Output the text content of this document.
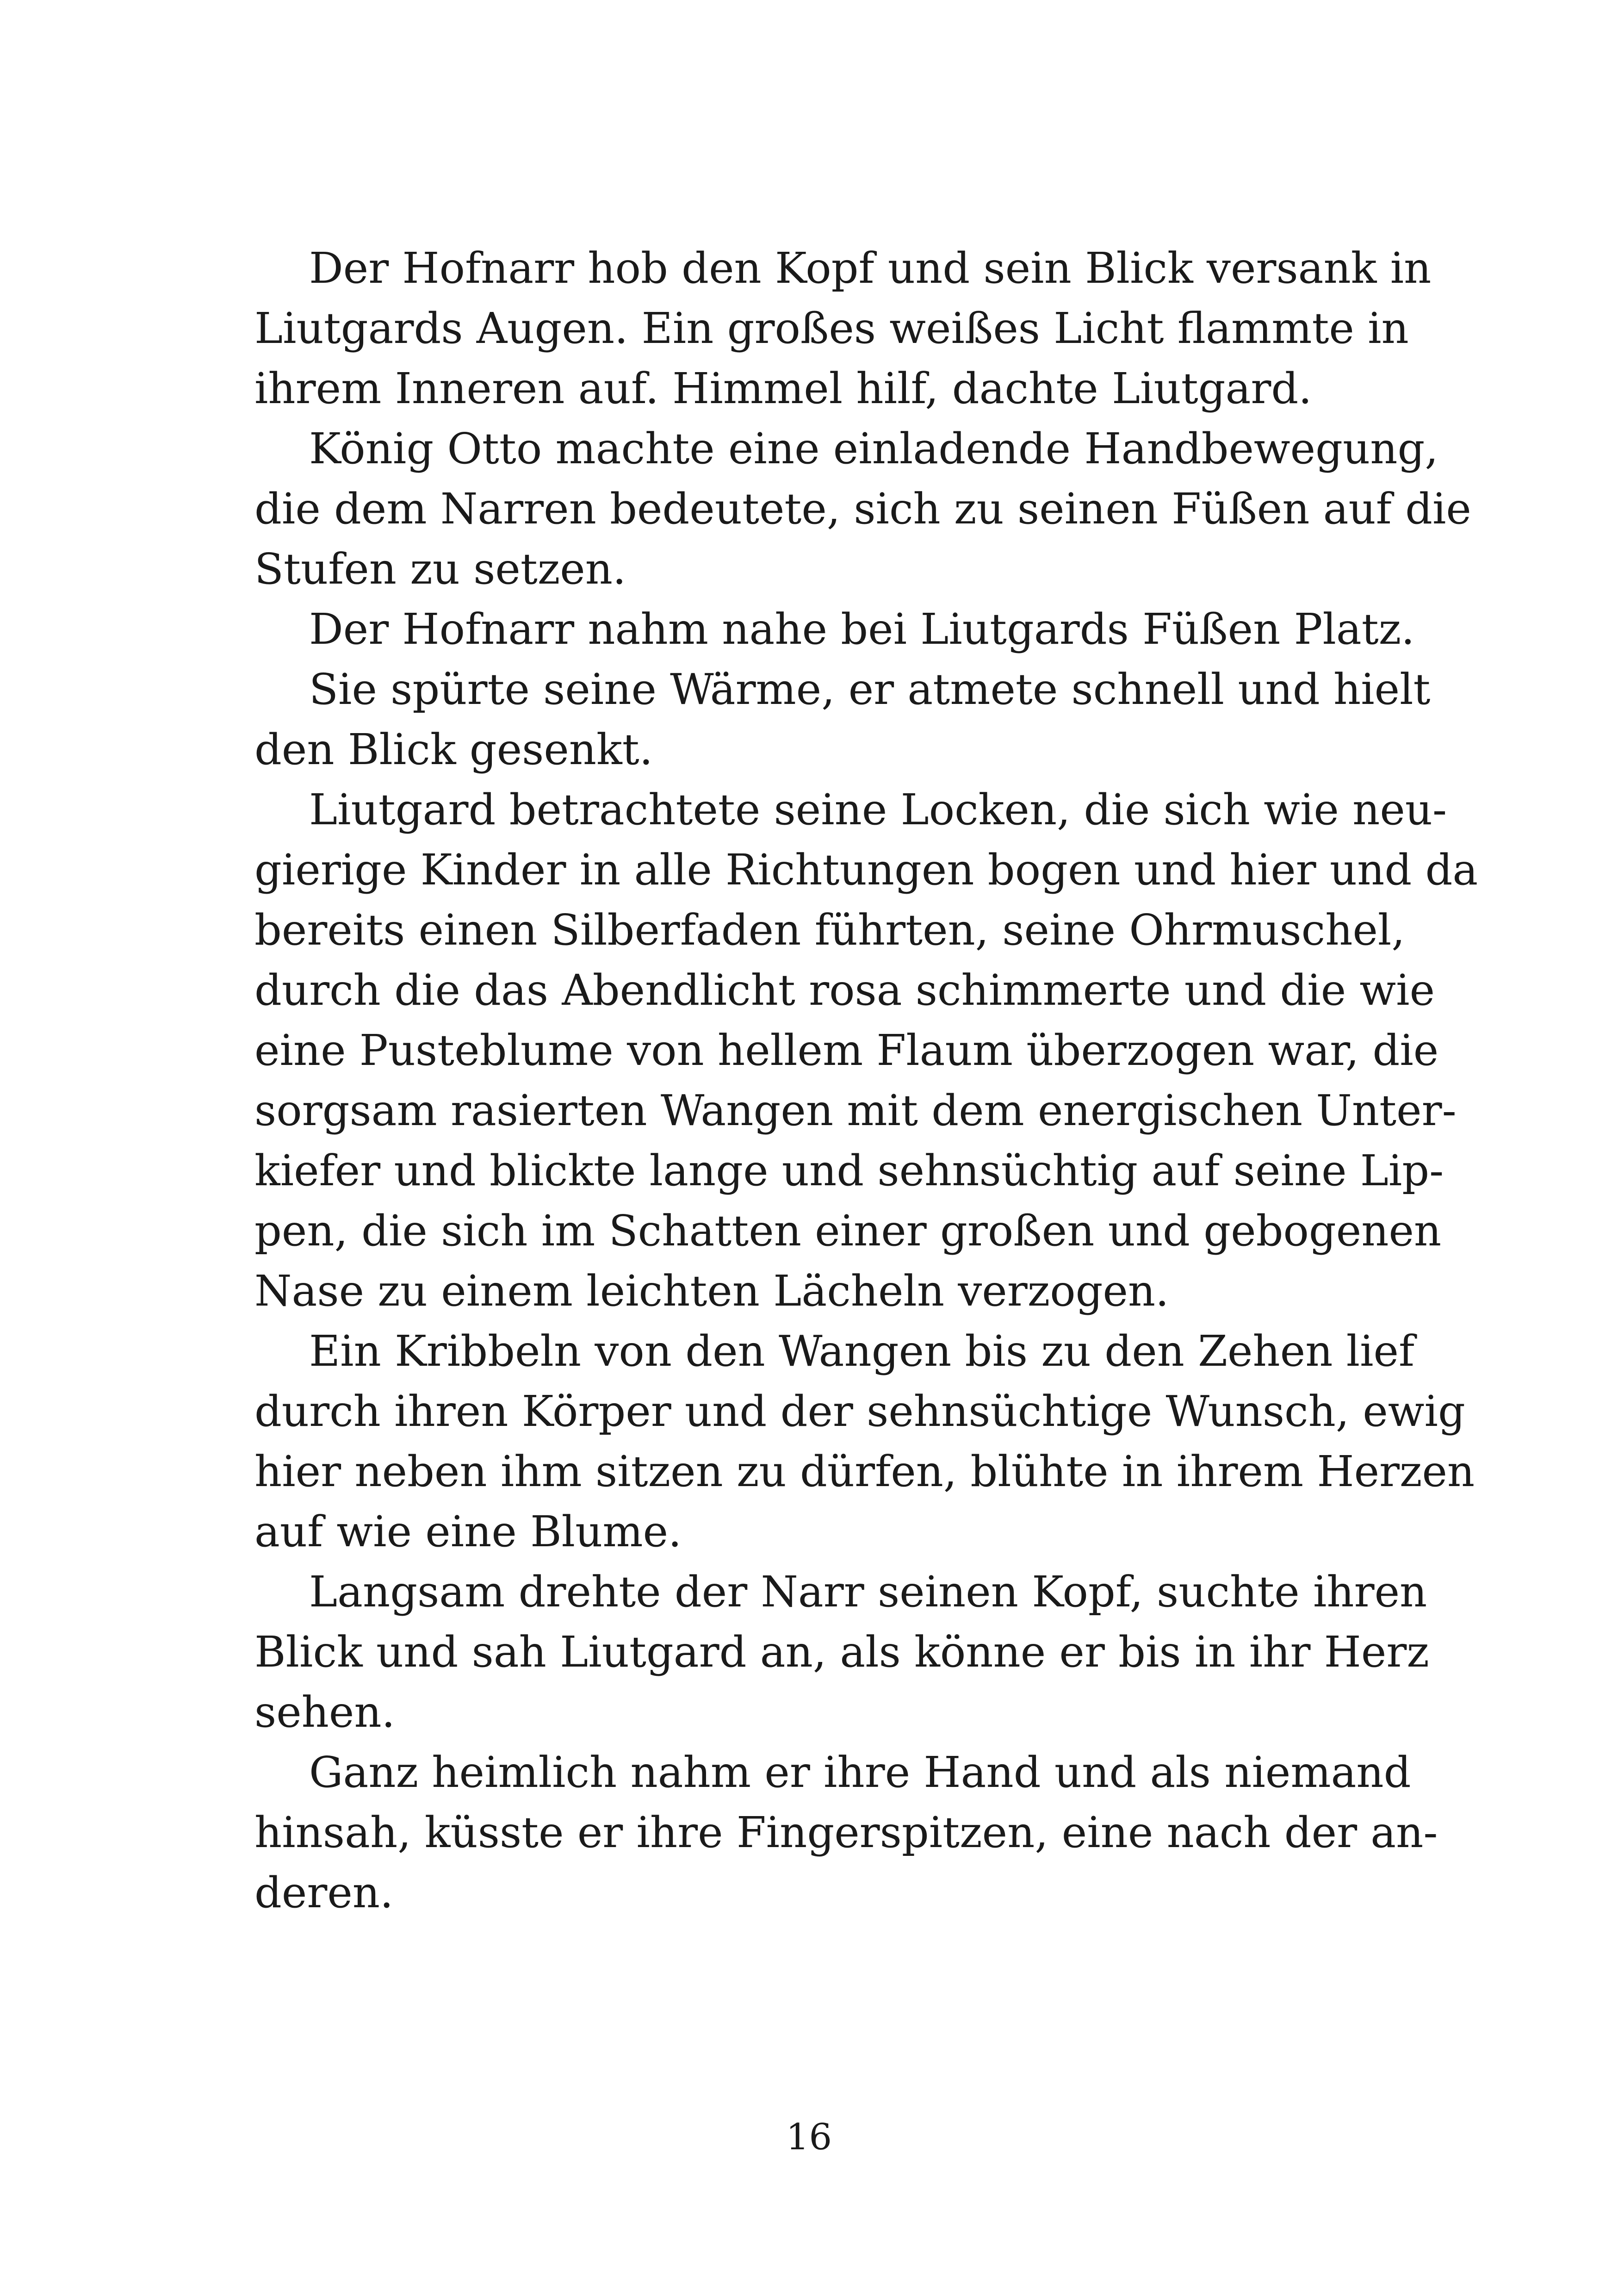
Der Hofnarr hob den Kopf und sein Blick versank in
Liutgards Augen. Ein großes weißes Licht flammte in
ihrem Inneren auf. Himmel hilf, dachte Liutgard.

König Otto machte eine einladende Handbewegung,
die dem Narren bedeutete, sich zu seinen Füßen auf die
Stufen zu setzen.

Der Hofnarr nahm nahe bei Liutgards Füßen Platz.

Sie spürte seine Wärme, er atmete schnell und hielt
den Blick gesenkt.

Liutgard betrachtete seine Locken, die sich wie neu-
gierige Kinder in alle Richtungen bogen und hier und da
bereits einen Silberfaden führten, seine Ohrmuschel,
durch die das Abendlicht rosa schimmerte und die wie
eine Pusteblume von hellem Flaum überzogen war, die
sorgsam rasierten Wangen mit dem energischen Unter-
kiefer und blickte lange und sehnsüchtig auf seine Lip-
pen, die sich im Schatten einer großen und gebogenen
Nase zu einem leichten Lächeln verzogen.

Ein Kribbeln von den Wangen bis zu den Zehen lief
durch ihren Körper und der sehnsüchtige Wunsch, ewig
hier neben ihm sitzen zu dürfen, blühte in ihrem Herzen
auf wie eine Blume.

Langsam drehte der Narr seinen Kopf, suchte ihren
Blick und sah Liutgard an, als könne er bis in ihr Herz
sehen.

Ganz heimlich nahm er ihre Hand und als niemand
hinsah, küsste er ihre Fingerspitzen, eine nach der an-
deren.

16
